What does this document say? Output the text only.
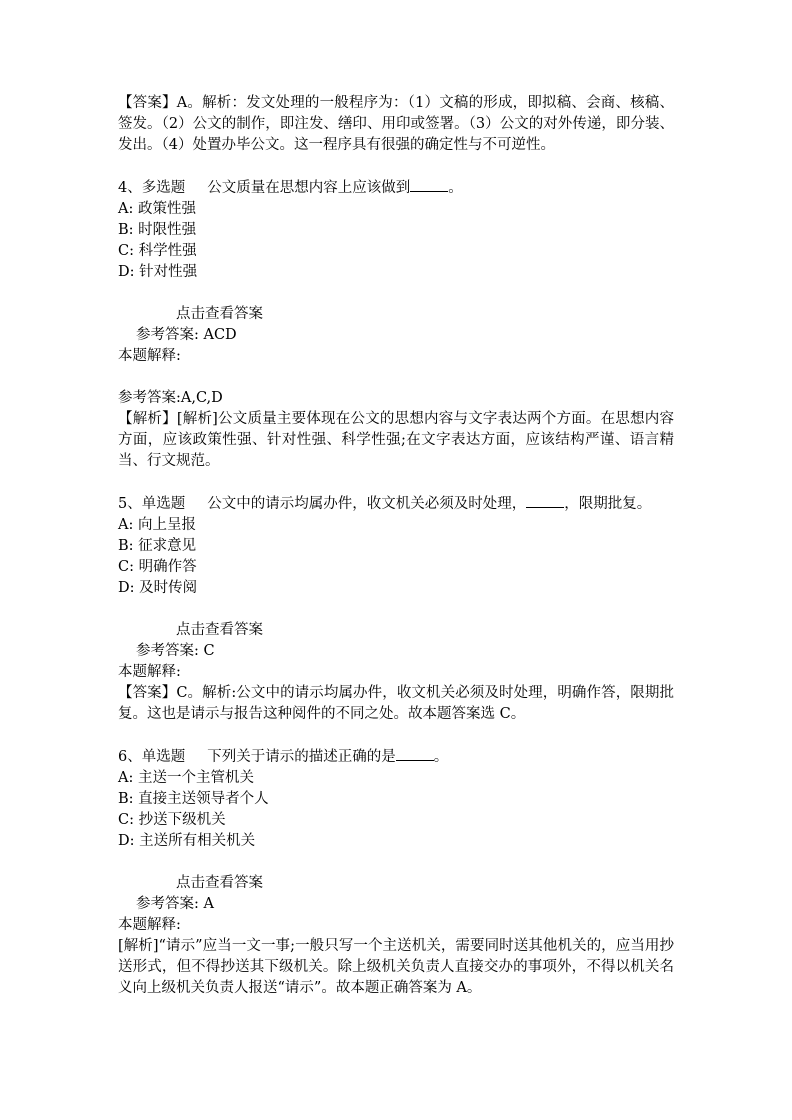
【答案】A。解析：发文处理的一般程序为：（1）文稿的形成，即拟稿、会商、核稿、签发。（2）公文的制作，即注发、缮印、用印或签署。（3）公文的对外传递，即分装、发出。（4）处置办毕公文。这一程序具有很强的确定性与不可逆性。

4、多选题 公文质量在思想内容上应该做到	。

A: 政策性强

B: 时限性强

C: 科学性强

D: 针对性强

点击查看答案

参考答案: ACD

本题解释:

参考答案:A,C,D

【解析】[解析]公文质量主要体现在公文的思想内容与文字表达两个方面。在思想内容方面，应该政策性强、针对性强、科学性强;在文字表达方面，应该结构严谨、语言精当、行文规范。

5、单选题 公文中的请示均属办件，收文机关必须及时处理，	，限期批复。

A: 向上呈报

B: 征求意见

C: 明确作答

D: 及时传阅

点击查看答案

参考答案: C

本题解释:

【答案】C。解析:公文中的请示均属办件，收文机关必须及时处理，明确作答，限期批复。这也是请示与报告这种阅件的不同之处。故本题答案选 C。

6、单选题 下列关于请示的描述正确的是	。

A: 主送一个主管机关

B: 直接主送领导者个人

C: 抄送下级机关

D: 主送所有相关机关

点击查看答案

参考答案: A

本题解释:

[解析]“请示”应当一文一事;一般只写一个主送机关，需要同时送其他机关的，应当用抄送形式，但不得抄送其下级机关。除上级机关负责人直接交办的事项外，不得以机关名义向上级机关负责人报送“请示”。故本题正确答案为 A。
